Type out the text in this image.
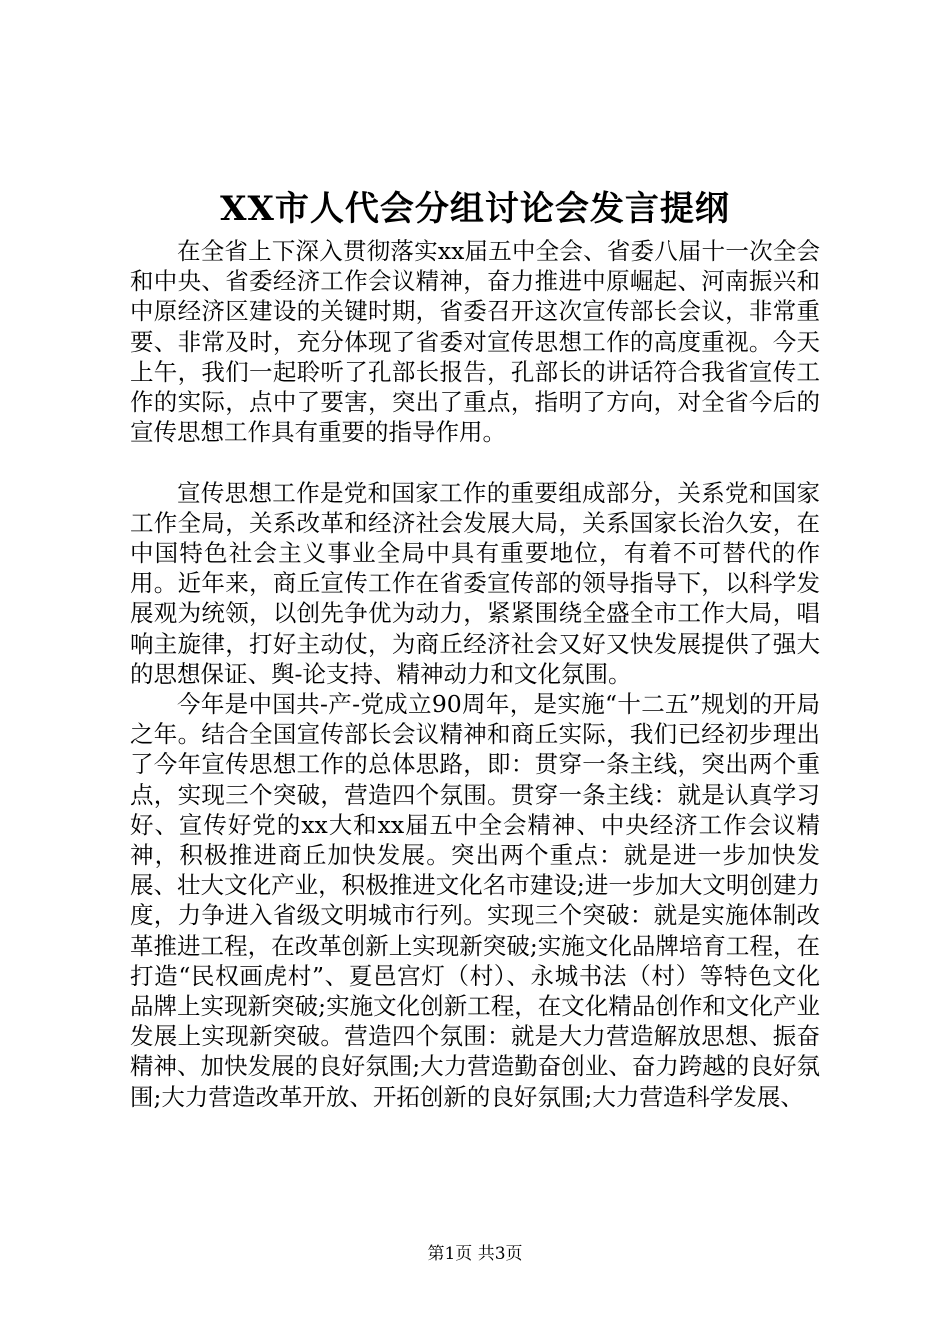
XX市人代会分组讨论会发言提纲

在全省上下深入贯彻落实xx届五中全会、省委八届十一次全会和中央、省委经济工作会议精神，奋力推进中原崛起、河南振兴和中原经济区建设的关键时期，省委召开这次宣传部长会议，非常重要、非常及时，充分体现了省委对宣传思想工作的高度重视。今天上午，我们一起聆听了孔部长报告，孔部长的讲话符合我省宣传工作的实际，点中了要害，突出了重点，指明了方向，对全省今后的宣传思想工作具有重要的指导作用。

宣传思想工作是党和国家工作的重要组成部分，关系党和国家工作全局，关系改革和经济社会发展大局，关系国家长治久安，在中国特色社会主义事业全局中具有重要地位，有着不可替代的作用。近年来，商丘宣传工作在省委宣传部的领导指导下，以科学发展观为统领，以创先争优为动力，紧紧围绕全盛全市工作大局，唱响主旋律，打好主动仗，为商丘经济社会又好又快发展提供了强大的思想保证、舆-论支持、精神动力和文化氛围。

今年是中国共-产-党成立90周年，是实施“十二五”规划的开局之年。结合全国宣传部长会议精神和商丘实际，我们已经初步理出了今年宣传思想工作的总体思路，即：贯穿一条主线，突出两个重点，实现三个突破，营造四个氛围。贯穿一条主线：就是认真学习好、宣传好党的xx大和xx届五中全会精神、中央经济工作会议精神，积极推进商丘加快发展。突出两个重点：就是进一步加快发展、壮大文化产业，积极推进文化名市建设;进一步加大文明创建力度，力争进入省级文明城市行列。实现三个突破：就是实施体制改革推进工程，在改革创新上实现新突破;实施文化品牌培育工程，在打造“民权画虎村”、夏邑宫灯（村）、永城书法（村）等特色文化品牌上实现新突破;实施文化创新工程，在文化精品创作和文化产业发展上实现新突破。营造四个氛围：就是大力营造解放思想、振奋精神、加快发展的良好氛围;大力营造勤奋创业、奋力跨越的良好氛围;大力营造改革开放、开拓创新的良好氛围;大力营造科学发展、

第1页 共3页
